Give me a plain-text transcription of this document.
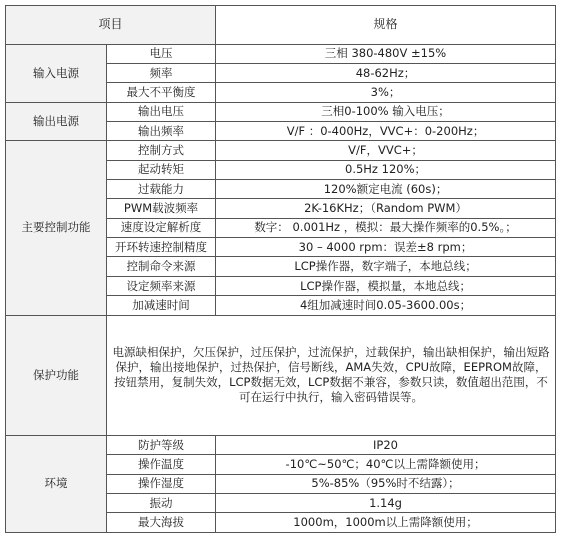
项目		规格
输入电源	电压	三相 380-480V ±15%
	频率	48-62Hz；
	最大不平衡度	3%；
输出电源	输出电压	三相0-100% 输入电压；
	输出频率	V/F ：0-400Hz，VVC+：0-200Hz；
主要控制功能	控制方式	V/F，VVC+；
	起动转矩	0.5Hz 120%；
	过载能力	120%额定电流 (60s)；
	PWM载波频率	2K-16KHz；（Random PWM）
	速度设定解析度	数字： 0.001Hz ，模拟：最大操作频率的0.5%。；
	开环转速控制精度	30 – 4000 rpm：误差±8 rpm；
	控制命令来源	LCP操作器，数字端子，本地总线；
	设定频率来源	LCP操作器，模拟量，本地总线；
	加减速时间	4组加减速时间0.05-3600.00s；
保护功能	电源缺相保护，欠压保护，过压保护，过流保护，过载保护，输出缺相保护，输出短路保护，输出接地保护，过热保护，信号断线，AMA失效，CPU故障，EEPROM故障，按钮禁用，复制失效，LCP数据无效，LCP数据不兼容，参数只读，数值超出范围，不可在运行中执行，输入密码错误等。	
环境	防护等级	IP20
	操作温度	-10℃~50℃；40℃以上需降额使用；
	操作湿度	5%-85%（95%时不结露）；
	振动	1.14g
	最大海拔	1000m，1000m以上需降额使用；
